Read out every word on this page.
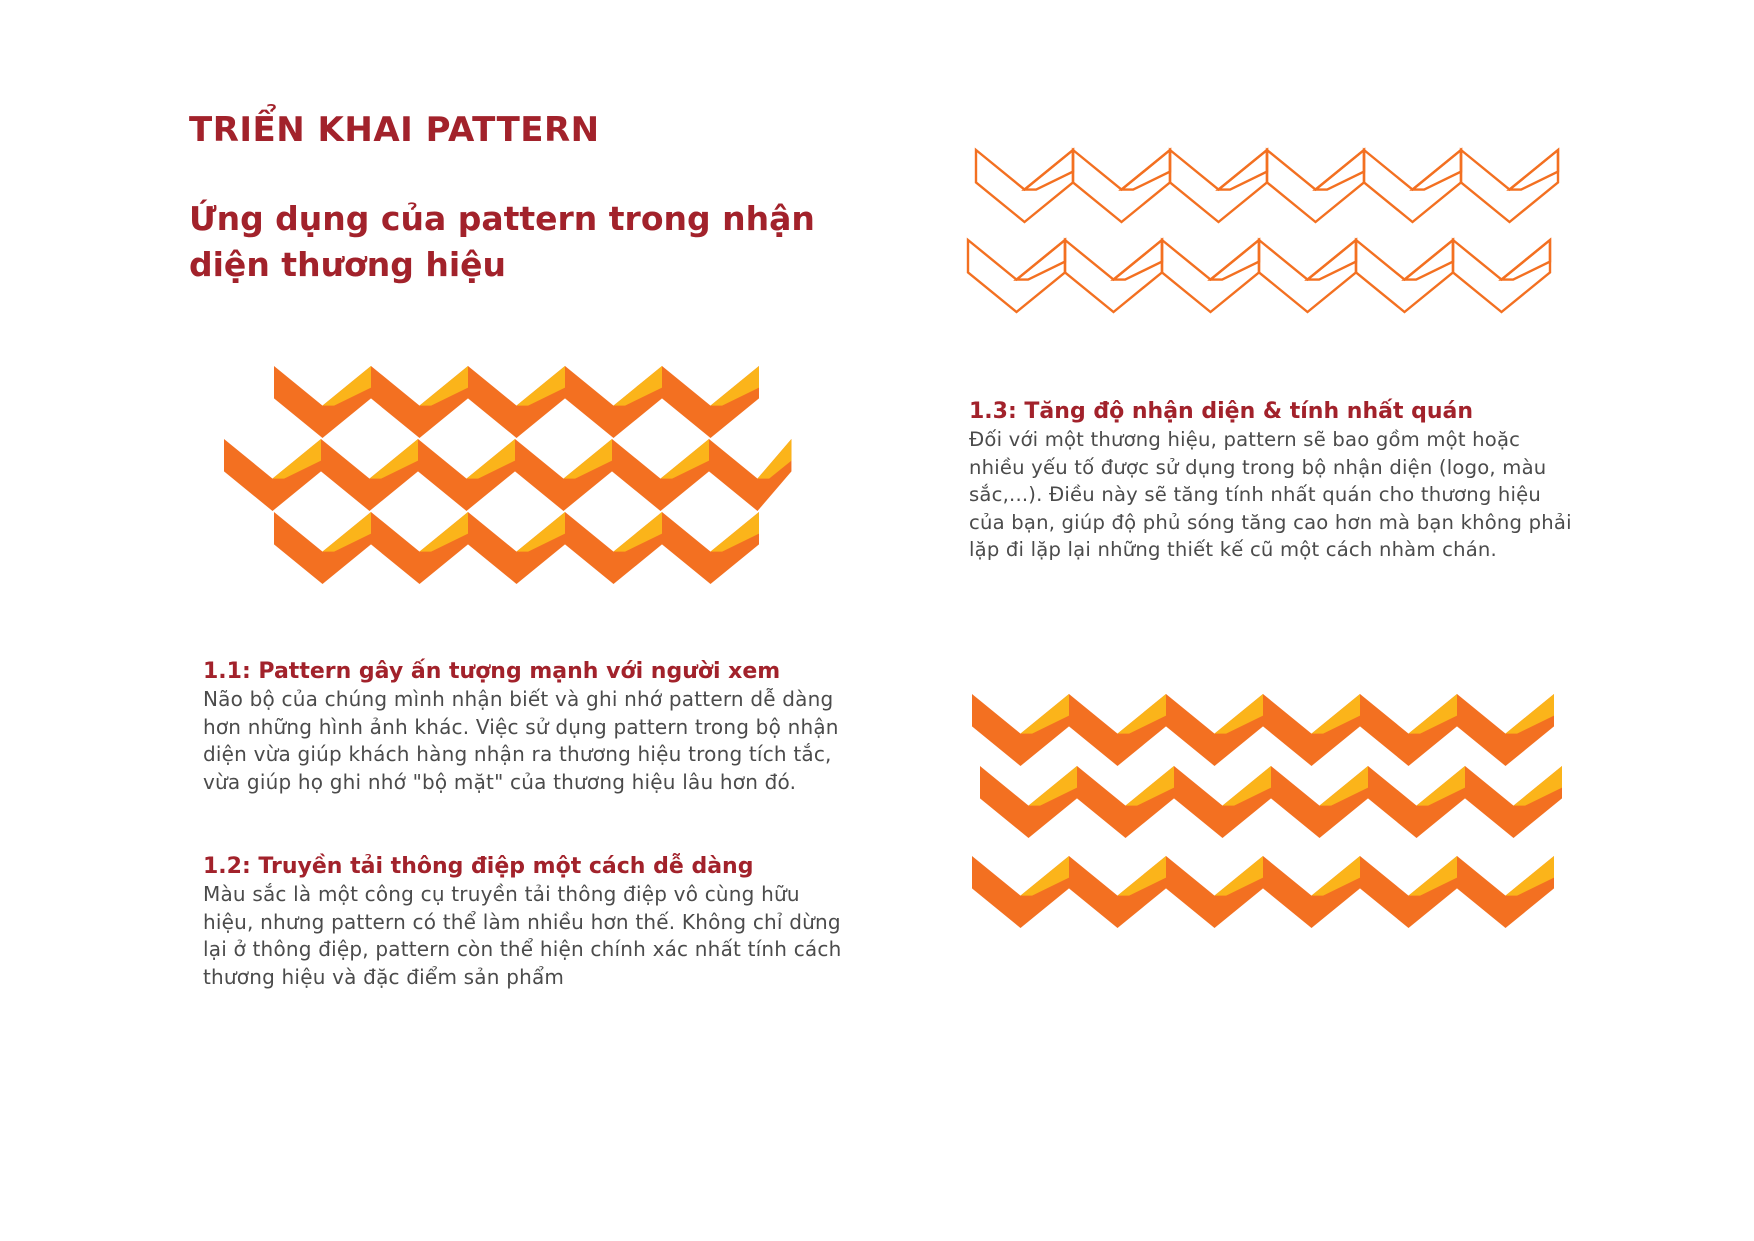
TRIỂN KHAI PATTERN
Ứng dụng của pattern trong nhận diện thương hiệu
1.1: Pattern gây ấn tượng mạnh với người xem

Não bộ của chúng mình nhận biết và ghi nhớ pattern dễ dàng hơn những hình ảnh khác. Việc sử dụng pattern trong bộ nhận diện vừa giúp khách hàng nhận ra thương hiệu trong tích tắc, vừa giúp họ ghi nhớ "bộ mặt" của thương hiệu lâu hơn đó.

1.2: Truyền tải thông điệp một cách dễ dàng

Màu sắc là một công cụ truyền tải thông điệp vô cùng hữu hiệu, nhưng pattern có thể làm nhiều hơn thế. Không chỉ dừng lại ở thông điệp, pattern còn thể hiện chính xác nhất tính cách thương hiệu và đặc điểm sản phẩm

1.3: Tăng độ nhận diện & tính nhất quán

Đối với một thương hiệu, pattern sẽ bao gồm một hoặc nhiều yếu tố được sử dụng trong bộ nhận diện (logo, màu sắc,...). Điều này sẽ tăng tính nhất quán cho thương hiệu của bạn, giúp độ phủ sóng tăng cao hơn mà bạn không phải lặp đi lặp lại những thiết kế cũ một cách nhàm chán.
